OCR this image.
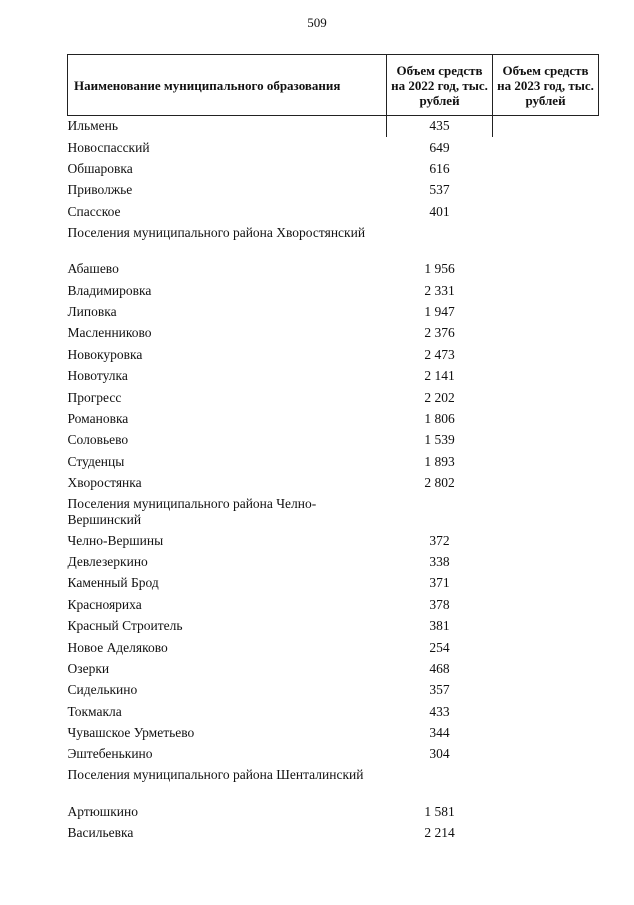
509
Наименование муниципального образования	Объем средств на 2022 год, тыс. рублей	Объем средств на 2023 год, тыс. рублей
Ильмень	435	
Новоспасский	649	
Обшаровка	616	
Приволжье	537	
Спасское	401	
Поселения муниципального района Хворостянский		
Абашево	1 956	
Владимировка	2 331	
Липовка	1 947	
Масленниково	2 376	
Новокуровка	2 473	
Новотулка	2 141	
Прогресс	2 202	
Романовка	1 806	
Соловьево	1 539	
Студенцы	1 893	
Хворостянка	2 802	
Поселения муниципального района Челно-Вершинский		
Челно-Вершины	372	
Девлезеркино	338	
Каменный Брод	371	
Краснояриха	378	
Красный Строитель	381	
Новое Аделяково	254	
Озерки	468	
Сиделькино	357	
Токмакла	433	
Чувашское Урметьево	344	
Эштебенькино	304	
Поселения муниципального района Шенталинский		
Артюшкино	1 581	
Васильевка	2 214	
